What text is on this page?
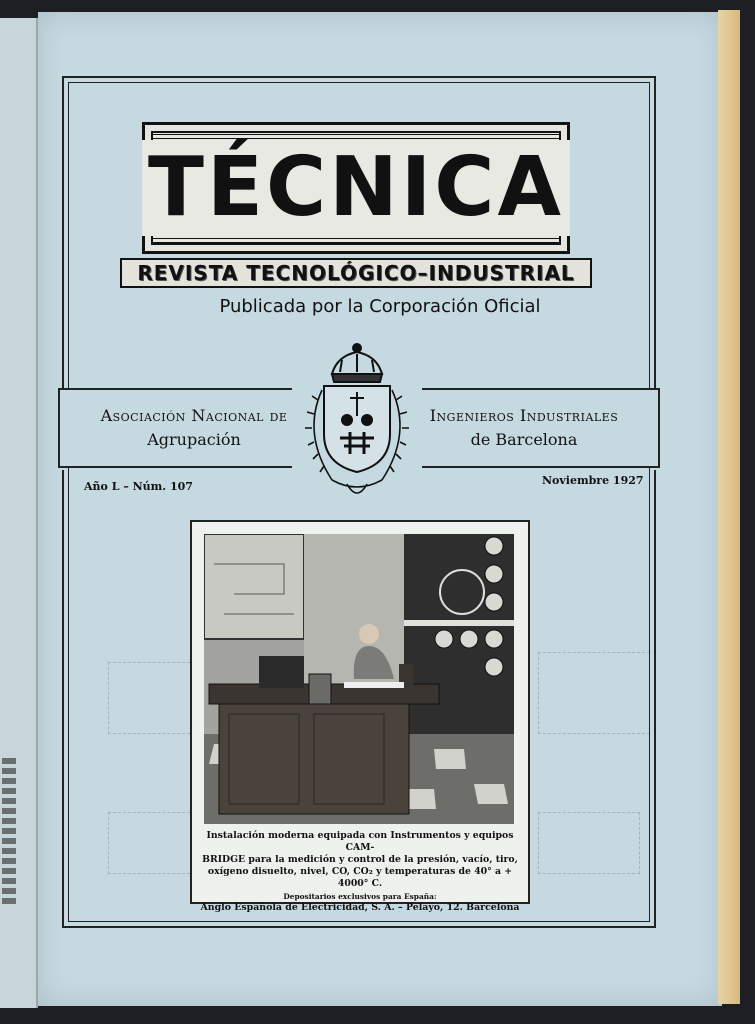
TÉCNICA
REVISTA TECNOLÓGICO–INDUSTRIAL
Publicada por la Corporación Oficial
Asociación Nacional de
Agrupación
Ingenieros Industriales
de Barcelona
Año L – Núm. 107	Noviembre 1927
Instalación moderna equipada con Instrumentos y equipos CAM-
BRIDGE para la medición y control de la presión, vacío, tiro,
oxígeno disuelto, nivel, CO, CO₂ y temperaturas de 40° a + 4000° C.
Depositarios exclusivos para España:
Anglo Española de Electricidad, S. A. – Pelayo, 12. Barcelona
